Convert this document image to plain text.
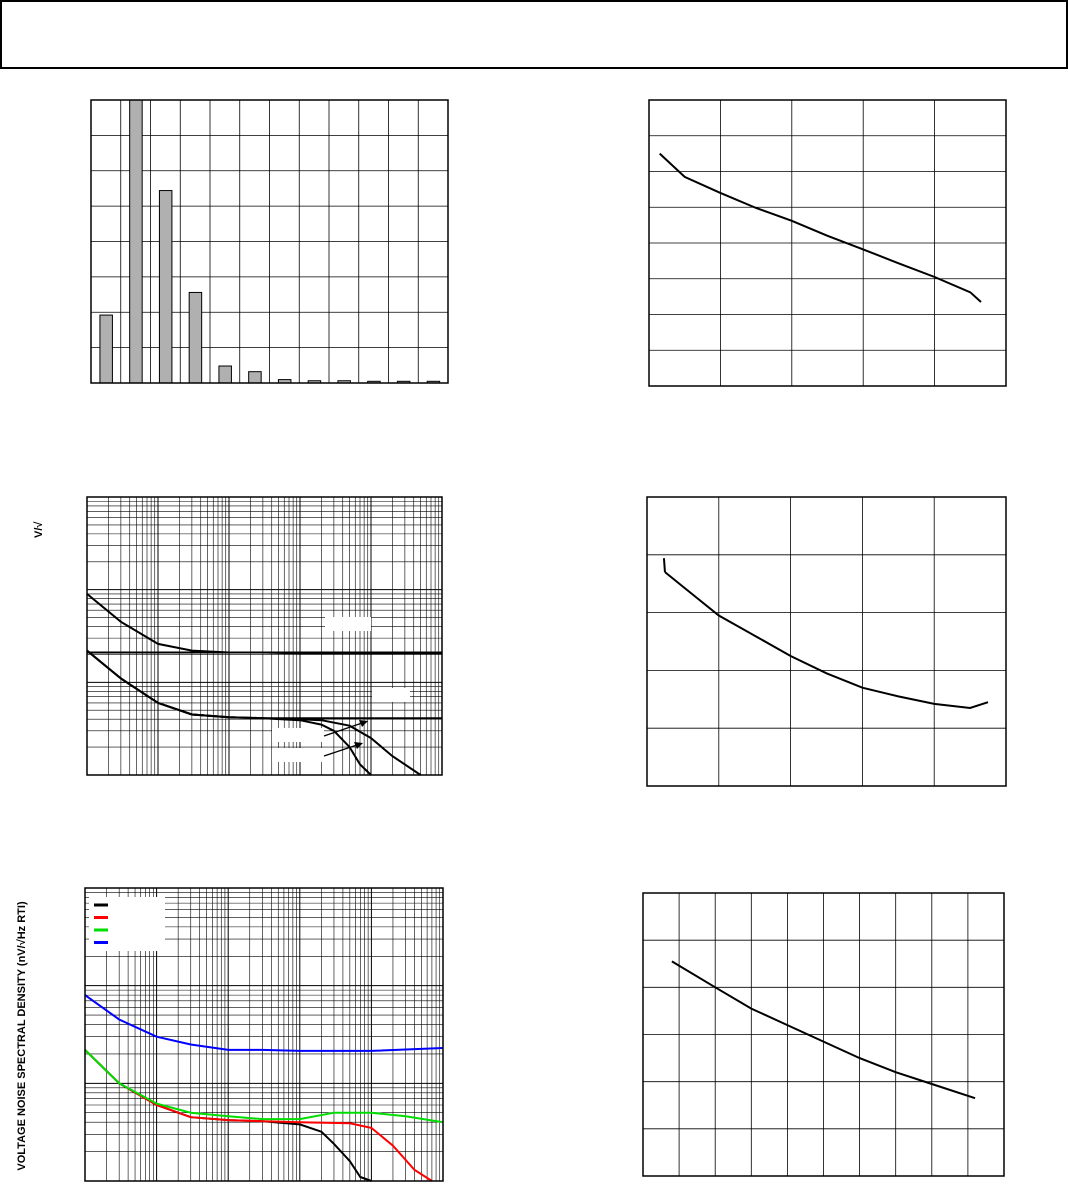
VOLTAGE NOISE SPECTRAL DENSITY (nV/√Hz RTI)
V/√
